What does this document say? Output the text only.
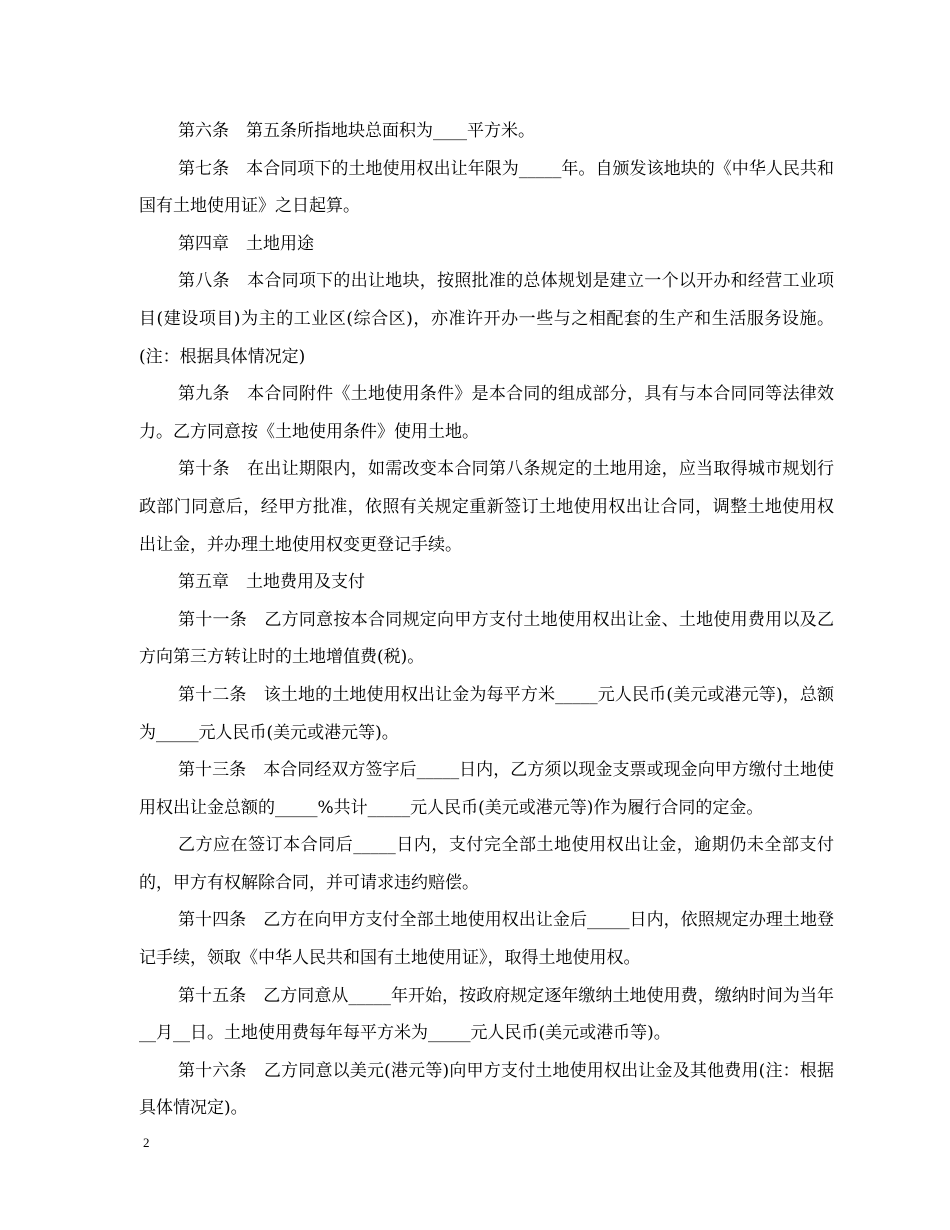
第六条　第五条所指地块总面积为____平方米。

第七条　本合同项下的土地使用权出让年限为_____年。自颁发该地块的《中华人民共和国有土地使用证》之日起算。

第四章　土地用途

第八条　本合同项下的出让地块，按照批准的总体规划是建立一个以开办和经营工业项目(建设项目)为主的工业区(综合区)，亦准许开办一些与之相配套的生产和生活服务设施。(注：根据具体情况定)

第九条　本合同附件《土地使用条件》是本合同的组成部分，具有与本合同同等法律效力。乙方同意按《土地使用条件》使用土地。

第十条　在出让期限内，如需改变本合同第八条规定的土地用途，应当取得城市规划行政部门同意后，经甲方批准，依照有关规定重新签订土地使用权出让合同，调整土地使用权出让金，并办理土地使用权变更登记手续。

第五章　土地费用及支付

第十一条　乙方同意按本合同规定向甲方支付土地使用权出让金、土地使用费用以及乙方向第三方转让时的土地增值费(税)。

第十二条　该土地的土地使用权出让金为每平方米_____元人民币(美元或港元等)，总额为_____元人民币(美元或港元等)。

第十三条　本合同经双方签字后_____日内，乙方须以现金支票或现金向甲方缴付土地使用权出让金总额的_____%共计_____元人民币(美元或港元等)作为履行合同的定金。

乙方应在签订本合同后_____日内，支付完全部土地使用权出让金，逾期仍未全部支付的，甲方有权解除合同，并可请求违约赔偿。

第十四条　乙方在向甲方支付全部土地使用权出让金后_____日内，依照规定办理土地登记手续，领取《中华人民共和国有土地使用证》，取得土地使用权。

第十五条　乙方同意从_____年开始，按政府规定逐年缴纳土地使用费，缴纳时间为当年__月__日。土地使用费每年每平方米为_____元人民币(美元或港币等)。

第十六条　乙方同意以美元(港元等)向甲方支付土地使用权出让金及其他费用(注：根据具体情况定)。

2
